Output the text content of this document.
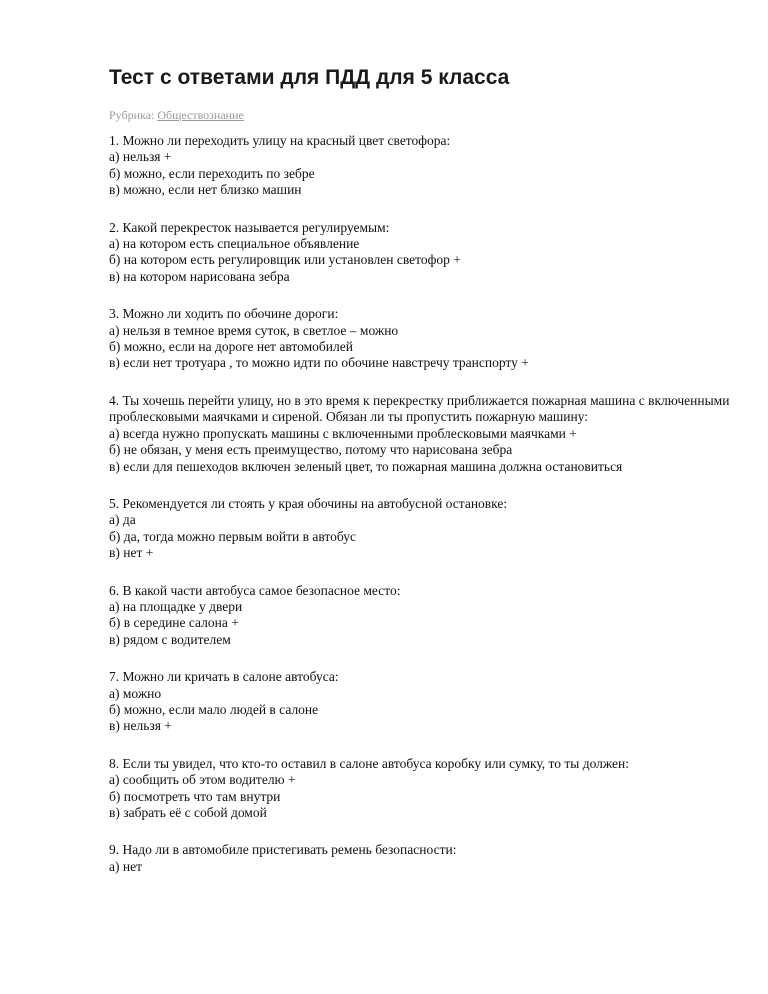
Тест с ответами для ПДД для 5 класса
Рубрика: Обществознание
1. Можно ли переходить улицу на красный цвет светофора:
а) нельзя +
б) можно, если переходить по зебре
в) можно, если нет близко машин
2. Какой перекресток называется регулируемым:
а) на котором есть специальное объявление
б) на котором есть регулировщик или установлен светофор +
в) на котором нарисована зебра
3. Можно ли ходить по обочине дороги:
а) нельзя в темное время суток, в светлое – можно
б) можно, если на дороге нет автомобилей
в) если нет тротуара , то можно идти по обочине навстречу транспорту +
4. Ты хочешь перейти улицу, но в это время к перекрестку приближается пожарная машина с включенными проблесковыми маячками и сиреной. Обязан ли ты пропустить пожарную машину:
а) всегда нужно пропускать машины с включенными проблесковыми маячками +
б) не обязан, у меня есть преимущество, потому что нарисована зебра
в) если для пешеходов включен зеленый цвет, то пожарная машина должна остановиться
5. Рекомендуется ли стоять у края обочины на автобусной остановке:
а) да
б) да, тогда можно первым войти в автобус
в) нет +
6. В какой части автобуса самое безопасное место:
а) на площадке у двери
б) в середине салона +
в) рядом с водителем
7. Можно ли кричать в салоне автобуса:
а) можно
б) можно, если мало людей в салоне
в) нельзя +
8. Если ты увидел, что кто-то оставил в салоне автобуса коробку или сумку, то ты должен:
а) сообщить об этом водителю +
б) посмотреть что там внутри
в) забрать её с собой домой
9. Надо ли в автомобиле пристегивать ремень безопасности:
а) нет
